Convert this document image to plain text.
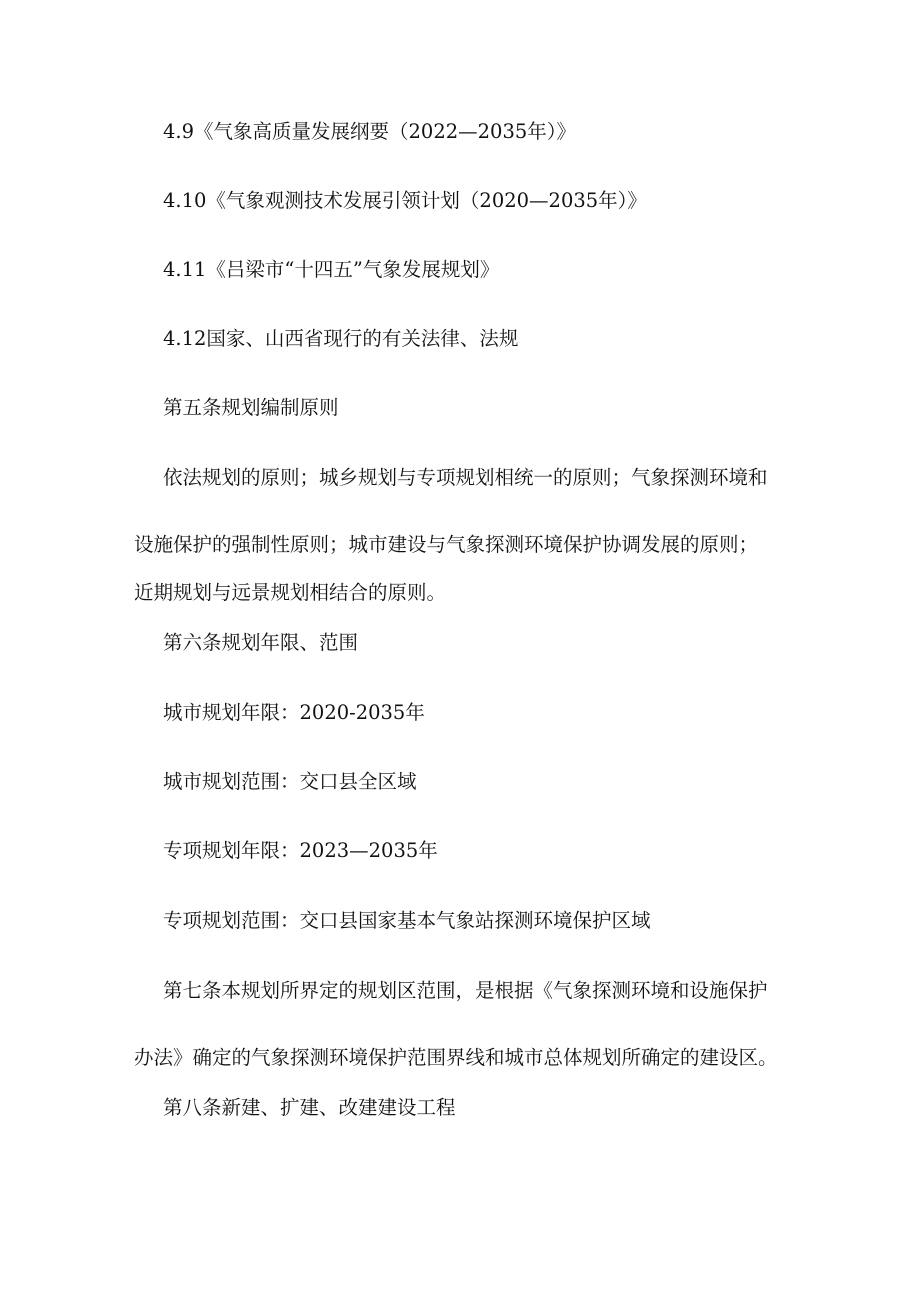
4.9《气象高质量发展纲要（2022—2035年）》

4.10《气象观测技术发展引领计划（2020—2035年）》

4.11《吕梁市“十四五”气象发展规划》

4.12国家、山西省现行的有关法律、法规

第五条规划编制原则

依法规划的原则；城乡规划与专项规划相统一的原则；气象探测环境和

设施保护的强制性原则；城市建设与气象探测环境保护协调发展的原则；

近期规划与远景规划相结合的原则。

第六条规划年限、范围

城市规划年限：2020-2035年

城市规划范围：交口县全区域

专项规划年限：2023—2035年

专项规划范围：交口县国家基本气象站探测环境保护区域

第七条本规划所界定的规划区范围，是根据《气象探测环境和设施保护

办法》确定的气象探测环境保护范围界线和城市总体规划所确定的建设区。

第八条新建、扩建、改建建设工程
